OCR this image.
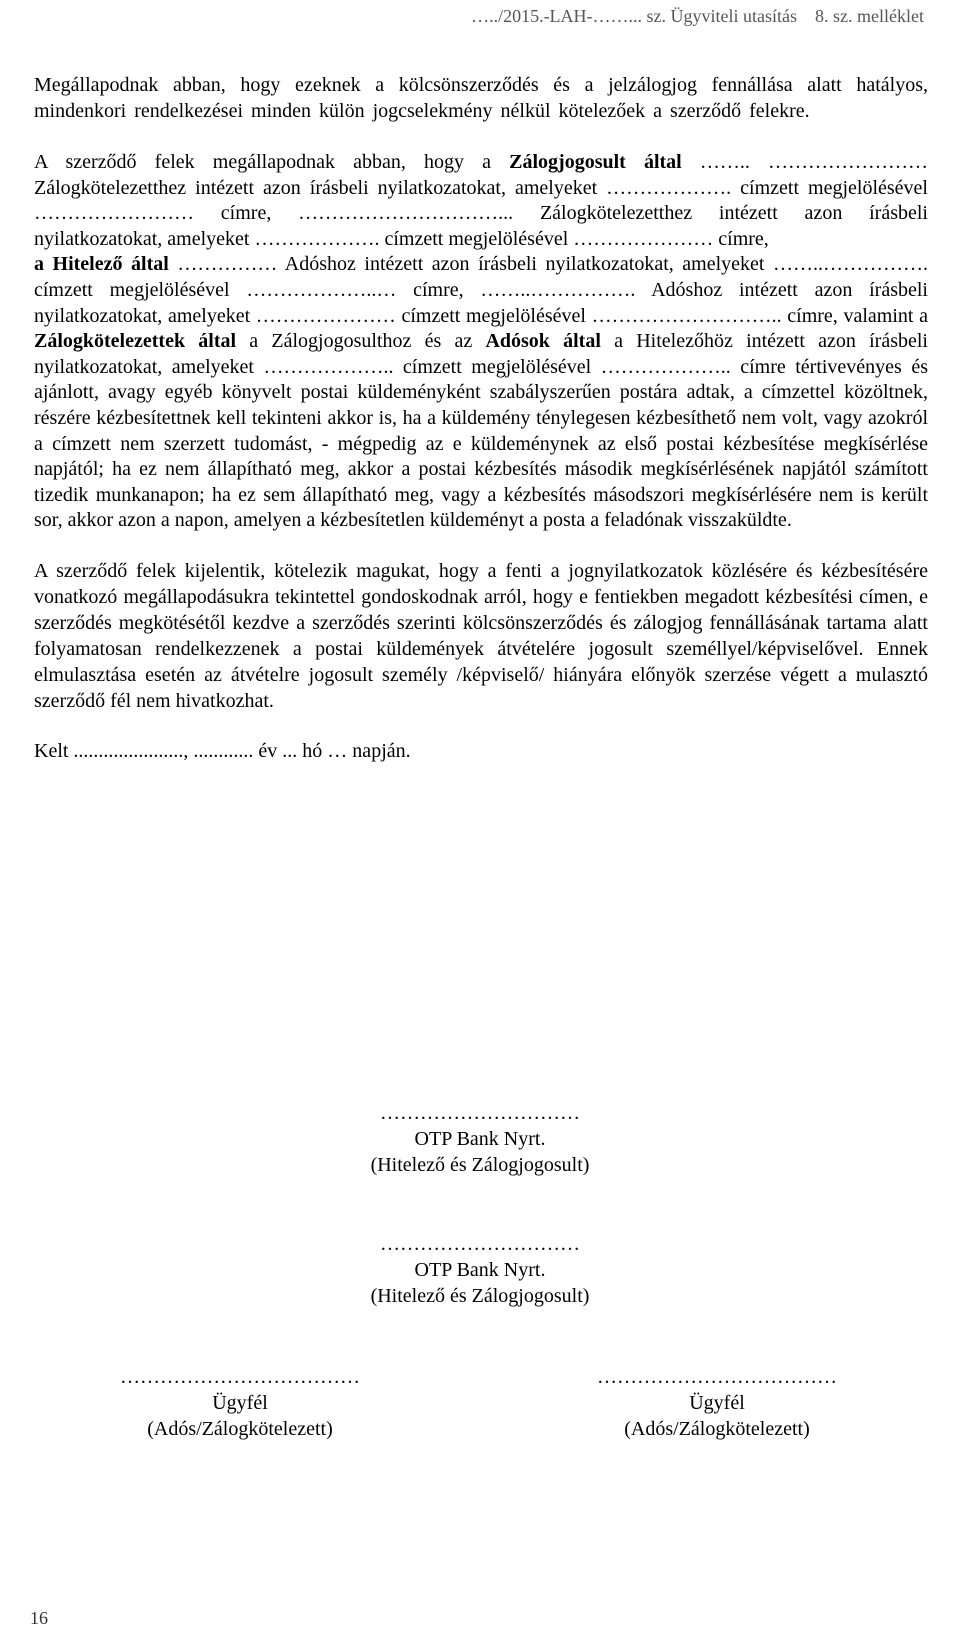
…../2015.-LAH-……... sz. Ügyviteli utasítás    8. sz. melléklet

Megállapodnak abban, hogy ezeknek a kölcsönszerződés és a jelzálogjog fennállása alatt hatályos, mindenkori rendelkezései minden külön jogcselekmény nélkül kötelezőek a szerződő felekre.

A szerződő felek megállapodnak abban, hogy a Zálogjogosult által …….. …………………… Zálogkötelezetthez intézett azon írásbeli nyilatkozatokat, amelyeket ………………. címzett megjelölésével …………………… címre, …………………………... Zálogkötelezetthez intézett azon írásbeli nyilatkozatokat, amelyeket ………………. címzett megjelölésével ………………… címre,
a Hitelező által …………… Adóshoz intézett azon írásbeli nyilatkozatokat, amelyeket ……..……………. címzett megjelölésével ………………..… címre, ……..……………. Adóshoz intézett azon írásbeli nyilatkozatokat, amelyeket ………………… címzett megjelölésével ……………………….. címre, valamint a Zálogkötelezettek által a Zálogjogosulthoz és az Adósok által a Hitelezőhöz intézett azon írásbeli nyilatkozatokat, amelyeket ……………….. címzett megjelölésével ……………….. címre tértivevényes és ajánlott, avagy egyéb könyvelt postai küldeményként szabályszerűen postára adtak, a címzettel közöltnek, részére kézbesítettnek kell tekinteni akkor is, ha a küldemény ténylegesen kézbesíthető nem volt, vagy azokról a címzett nem szerzett tudomást, - mégpedig az e küldeménynek az első postai kézbesítése megkísérlése napjától; ha ez nem állapítható meg, akkor a postai kézbesítés második megkísérlésének napjától számított tizedik munkanapon; ha ez sem állapítható meg, vagy a kézbesítés másodszori megkísérlésére nem is került sor, akkor azon a napon, amelyen a kézbesítetlen küldeményt a posta a feladónak visszaküldte.

A szerződő felek kijelentik, kötelezik magukat, hogy a fenti a jognyilatkozatok közlésére és kézbesítésére vonatkozó megállapodásukra tekintettel gondoskodnak arról, hogy e fentiekben megadott kézbesítési címen, e szerződés megkötésétől kezdve a szerződés szerinti kölcsönszerződés és zálogjog fennállásának tartama alatt folyamatosan rendelkezzenek a postai küldemények átvételére jogosult személlyel/képviselővel. Ennek elmulasztása esetén az átvételre jogosult személy /képviselő/ hiányára előnyök szerzése végett a mulasztó szerződő fél nem hivatkozhat.

Kelt ......................, ............ év ... hó … napján.

…………………………
OTP Bank Nyrt.
(Hitelező és Zálogjogosult)
…………………………
OTP Bank Nyrt.
(Hitelező és Zálogjogosult)
………………………………
Ügyfél
(Adós/Zálogkötelezett)
………………………………
Ügyfél
(Adós/Zálogkötelezett)
16
